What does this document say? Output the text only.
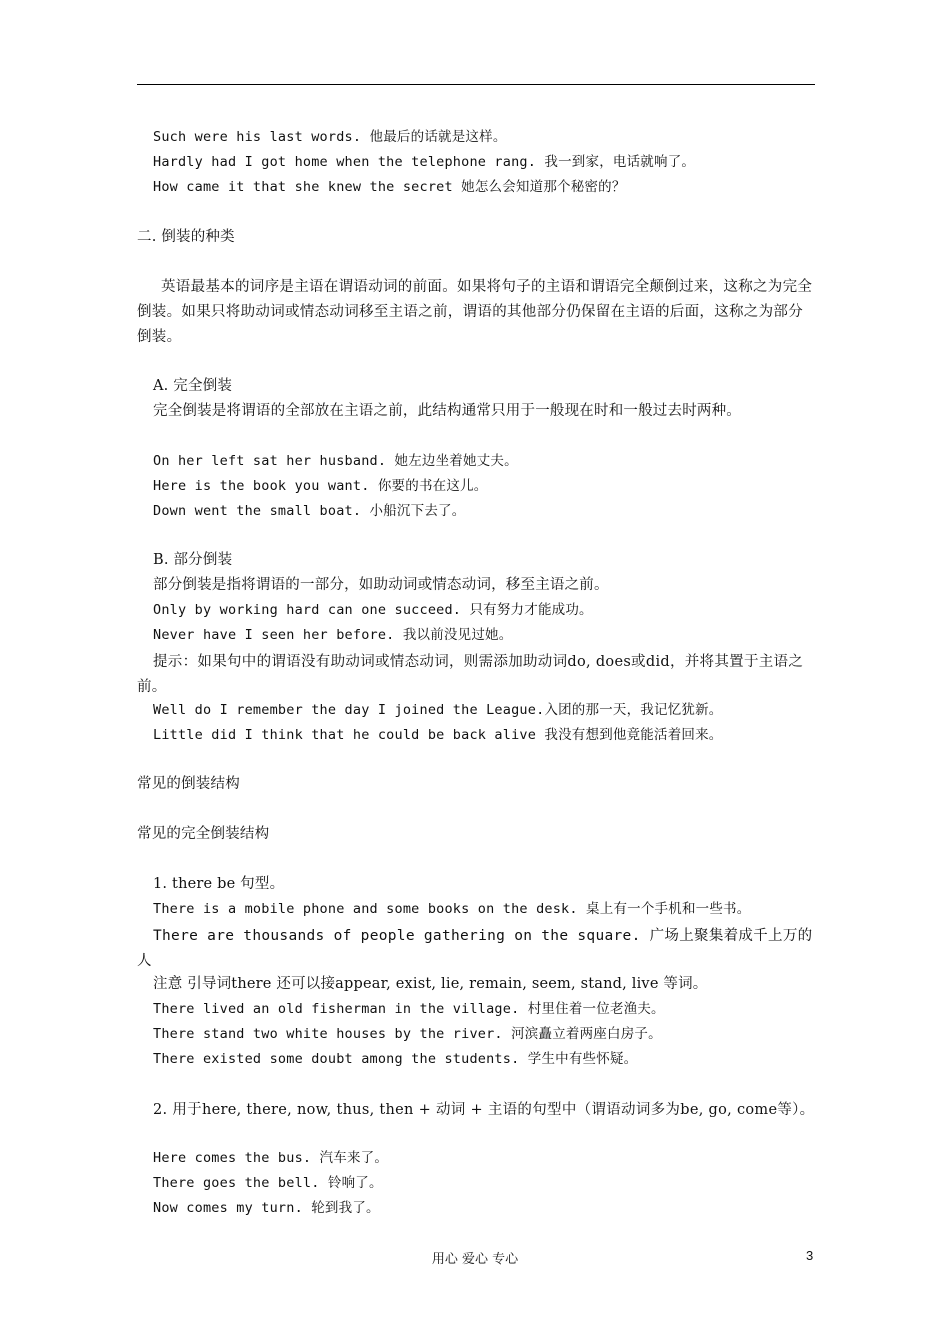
Such were his last words. 他最后的话就是这样。
Hardly had I got home when the telephone rang. 我一到家，电话就响了。
How came it that she knew the secret 她怎么会知道那个秘密的？
二. 倒装的种类
英语最基本的词序是主语在谓语动词的前面。如果将句子的主语和谓语完全颠倒过来，这称之为完全倒装。如果只将助动词或情态动词移至主语之前，谓语的其他部分仍保留在主语的后面，这称之为部分倒装。
A. 完全倒装
完全倒装是将谓语的全部放在主语之前，此结构通常只用于一般现在时和一般过去时两种。
On her left sat her husband. 她左边坐着她丈夫。
Here is the book you want. 你要的书在这儿。
Down went the small boat. 小船沉下去了。
B. 部分倒装
部分倒装是指将谓语的一部分，如助动词或情态动词，移至主语之前。
Only by working hard can one succeed. 只有努力才能成功。
Never have I seen her before. 我以前没见过她。
提示：如果句中的谓语没有助动词或情态动词，则需添加助动词do, does或did，并将其置于主语之前。
Well do I remember the day I joined the League.入团的那一天，我记忆犹新。
Little did I think that he could be back alive 我没有想到他竟能活着回来。
常见的倒装结构
常见的完全倒装结构
1. there be 句型。
There is a mobile phone and some books on the desk. 桌上有一个手机和一些书。
There are thousands of people gathering on the square. 广场上聚集着成千上万的人
注意 引导词there 还可以接appear, exist, lie, remain, seem, stand, live 等词。
There lived an old fisherman in the village. 村里住着一位老渔夫。
There stand two white houses by the river. 河滨矗立着两座白房子。
There existed some doubt among the students. 学生中有些怀疑。
2. 用于here, there, now, thus, then + 动词 + 主语的句型中（谓语动词多为be, go, come等）。
Here comes the bus. 汽车来了。
There goes the bell. 铃响了。
Now comes my turn. 轮到我了。
用心 爱心 专心	3
